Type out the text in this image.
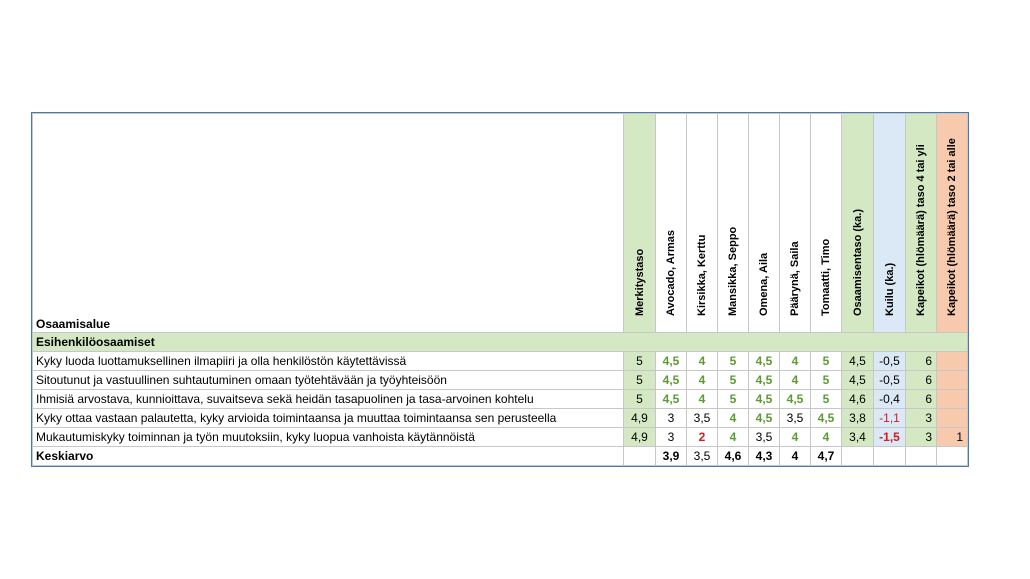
Osaamisalue	Merkitystaso	Avocado, Armas	Kirsikka, Kerttu	Mansikka, Seppo	Omena, Aila	Päärynä, Saila	Tomaatti, Timo	Osaamisentaso (ka.)	Kuilu (ka.)	Kapeikot (hlömäärä) taso 4 tai yli	Kapeikot (hlömäärä) taso 2 tai alle

Esihenkilöosaamiset											
Kyky luoda luottamuksellinen ilmapiiri ja olla henkilöstön käytettävissä	5	4,5	4	5	4,5	4	5	4,5	-0,5	6	
Sitoutunut ja vastuullinen suhtautuminen omaan työtehtävään ja työyhteisöön	5	4,5	4	5	4,5	4	5	4,5	-0,5	6	
Ihmisiä arvostava, kunnioittava, suvaitseva sekä heidän tasapuolinen ja tasa-arvoinen kohtelu	5	4,5	4	5	4,5	4,5	5	4,6	-0,4	6	
Kyky ottaa vastaan palautetta, kyky arvioida toimintaansa ja muuttaa toimintaansa sen perusteella	4,9	3	3,5	4	4,5	3,5	4,5	3,8	-1,1	3	
Mukautumiskyky toiminnan ja työn muutoksiin, kyky luopua vanhoista käytännöistä	4,9	3	2	4	3,5	4	4	3,4	-1,5	3	1
Keskiarvo		3,9	3,5	4,6	4,3	4	4,7				
